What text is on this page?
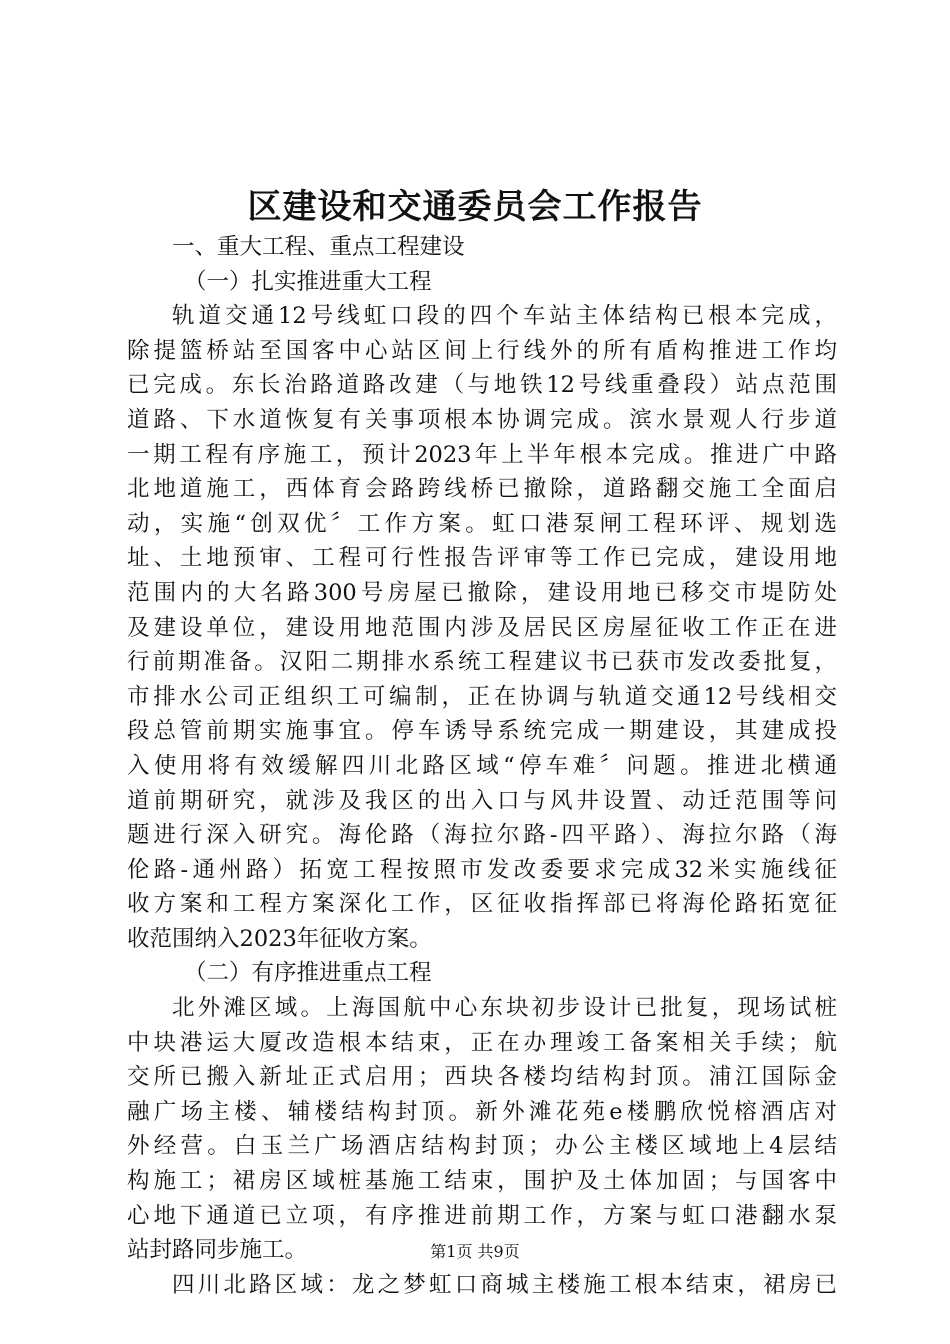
区建设和交通委员会工作报告
一、重大工程、重点工程建设
（一）扎实推进重大工程
轨道交通12号线虹口段的四个车站主体结构已根本完成，
除提篮桥站至国客中心站区间上行线外的所有盾构推进工作均
已完成。东长治路道路改建（与地铁12号线重叠段）站点范围
道路、下水道恢复有关事项根本协调完成。滨水景观人行步道
一期工程有序施工，预计2023年上半年根本完成。推进广中路
北地道施工，西体育会路跨线桥已撤除，道路翻交施工全面启
动，实施“创双优〞工作方案。虹口港泵闸工程环评、规划选
址、土地预审、工程可行性报告评审等工作已完成，建设用地
范围内的大名路300号房屋已撤除，建设用地已移交市堤防处
及建设单位，建设用地范围内涉及居民区房屋征收工作正在进
行前期准备。汉阳二期排水系统工程建议书已获市发改委批复，
市排水公司正组织工可编制，正在协调与轨道交通12号线相交
段总管前期实施事宜。停车诱导系统完成一期建设，其建成投
入使用将有效缓解四川北路区域“停车难〞问题。推进北横通
道前期研究，就涉及我区的出入口与风井设置、动迁范围等问
题进行深入研究。海伦路（海拉尔路-四平路）、海拉尔路（海
伦路-通州路）拓宽工程按照市发改委要求完成32米实施线征
收方案和工程方案深化工作，区征收指挥部已将海伦路拓宽征
收范围纳入2023年征收方案。
（二）有序推进重点工程
北外滩区域。上海国航中心东块初步设计已批复，现场试桩
中块港运大厦改造根本结束，正在办理竣工备案相关手续；航
交所已搬入新址正式启用；西块各楼均结构封顶。浦江国际金
融广场主楼、辅楼结构封顶。新外滩花苑e楼鹏欣悦榕酒店对
外经营。白玉兰广场酒店结构封顶；办公主楼区域地上4层结
构施工；裙房区域桩基施工结束，围护及土体加固；与国客中
心地下通道已立项，有序推进前期工作，方案与虹口港翻水泵
站封路同步施工。
四川北路区域：龙之梦虹口商城主楼施工根本结束，裙房已
第1页 共9页
